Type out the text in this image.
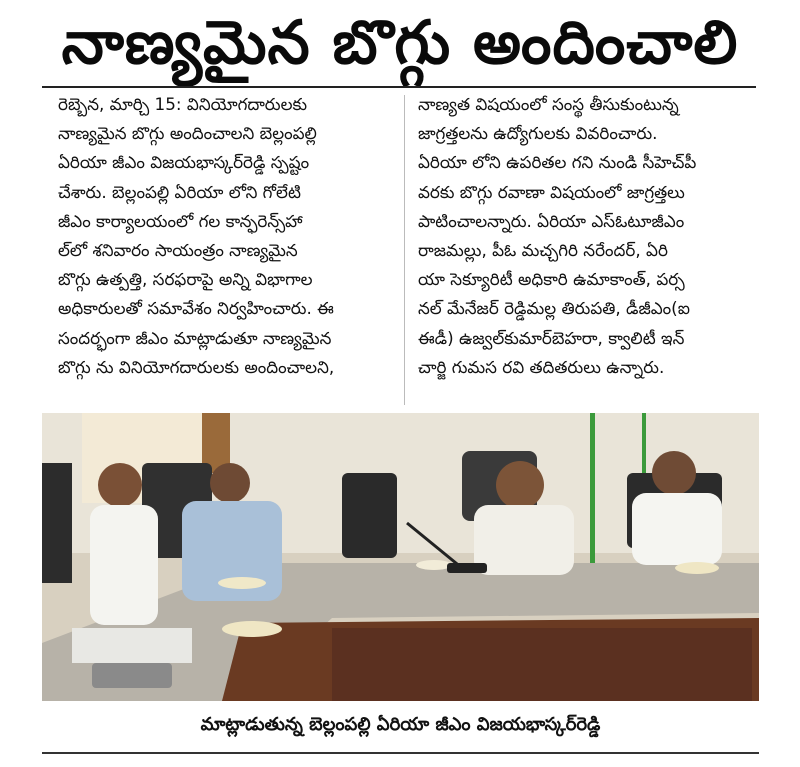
నాణ్యమైన బొగ్గు అందించాలి
రెబ్బెన, మార్చి 15: వినియోగదారులకు
నాణ్యమైన బొగ్గు అందించాలని బెల్లంపల్లి
ఏరియా జీఎం విజయభాస్కర్‌రెడ్డి స్పష్టం
చేశారు. బెల్లంపల్లి ఏరియా లోని గోలేటి
జీఎం కార్యాలయంలో గల కాన్ఫరెన్స్‌హా
ల్‌లో శనివారం సాయంత్రం నాణ్యమైన
బొగ్గు ఉత్పత్తి, సరఫరాపై అన్ని విభాగాల
అధికారులతో సమావేశం నిర్వహించారు. ఈ
సందర్భంగా జీఎం మాట్లాడుతూ నాణ్యమైన
బొగ్గు ను వినియోగదారులకు అందించాలని,
నాణ్యత విషయంలో సంస్థ తీసుకుంటున్న
జాగ్రత్తలను ఉద్యోగులకు వివరించారు.
ఏరియా లోని ఉపరితల గని నుండి సీహెచ్‌పీ
వరకు బొగ్గు రవాణా విషయంలో జాగ్రత్తలు
పాటించాలన్నారు. ఏరియా ఎస్‌ఓటూజీఎం
రాజమల్లు, పీఓ మచ్చగిరి నరేందర్, ఏరి
యా సెక్యూరిటీ అధికారి ఉమాకాంత్, పర్స
నల్ మేనేజర్ రెడ్డిమల్ల తిరుపతి, డీజీఎం(ఐ
ఈడీ) ఉజ్వల్‌కుమార్‌బెహరా, క్వాలిటీ ఇన్
చార్జి గుమస రవి తదితరులు ఉన్నారు.
మాట్లాడుతున్న బెల్లంపల్లి ఏరియా జీఎం విజయభాస్కర్‌రెడ్డి
